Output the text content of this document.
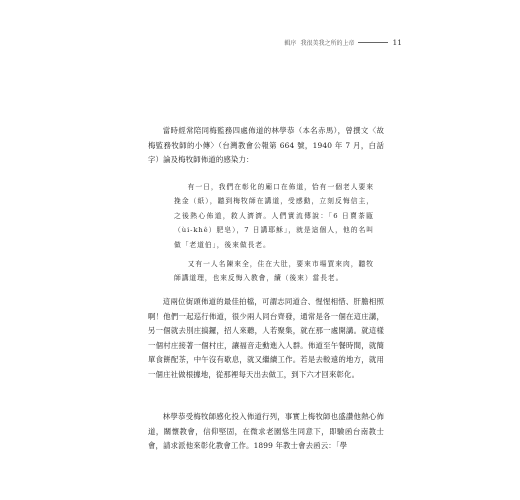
輯序 我很美我之所的上帝	11

當時經常陪同梅監務四處佈道的林學恭（本名赤馬），曾撰文〈故梅監務牧師的小傳〉（台灣教會公報第 664 號，1940 年 7 月，白話字）論及梅牧師佈道的感染力：

有一日，我們在彰化的廟口在佈道，恰有一個老人要來挽金（紙），聽到梅牧師在講道，受感動，立刻反悔信主，之後熱心佈道，救人濟濟。人們實流傳說：「6 日賣茶甌（ùi-khê）肥皂），7 日講耶穌」，就是這個人，他的名叫做「老道伯」，後來做長老。

又有一人名陳來全，住在大肚，要來市場買來肉，聽牧師講道理，也來反悔入教會，續（後來）當長老。

這兩位街頭佈道的最佳拍檔，可謂志同道合、惺惺相惜、肝膽相照啊！他們一起巡行佈道，很少兩人同台齊發，通常是各一個在這庄講，另一個就去別庄搞鑼，招人來聽，人若聚集，就在那一處開講。就這樣一個村庄接著一個村庄，讓福音走動進入人群。佈道至午餐時間，就簡單食餅配茶，中午沒有歇息，就又繼續工作。若是去較遠的地方，就用一個庄社做根據地，從那裡每天出去做工，到下六才回來彰化。

林學恭受梅牧師感化投入佈道行列，事實上梅牧師也盛讚他熱心佈道，關懷教會，信仰堅固，在微求老園慫生同意下，即驗函台南教士會，請求派他來彰化教會工作。1899 年教士會去函云：「學
